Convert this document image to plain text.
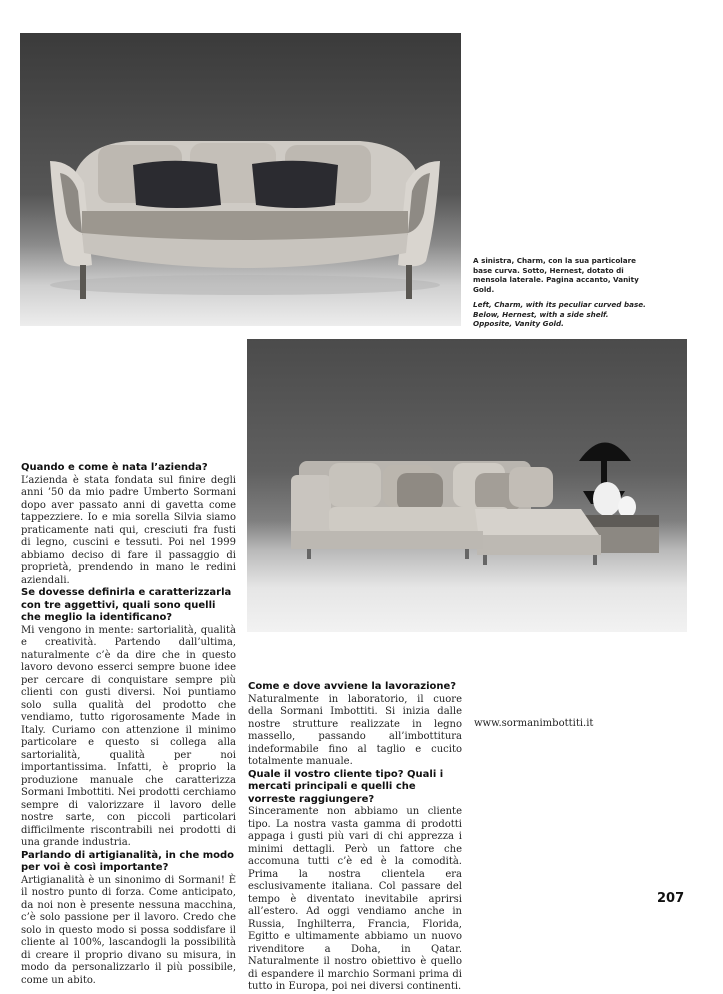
A sinistra, Charm, con la sua particolare base curva. Sotto, Hernest, dotato di mensola laterale. Pagina accanto, Vanity Gold.
Left, Charm, with its peculiar curved base. Below, Hernest, with a side shelf. Opposite, Vanity Gold.

Quando e come è nata l’azienda?

L’azienda è stata fondata sul finire degli anni ’50 da mio padre Umberto Sormani dopo aver passato anni di gavetta come tappezziere. Io e mia sorella Silvia siamo praticamente nati qui, cresciuti fra fusti di legno, cuscini e tessuti. Poi nel 1999 abbiamo deciso di fare il passaggio di proprietà, prendendo in mano le redini aziendali.

Se dovesse definirla e caratterizzarla con tre aggettivi, quali sono quelli che meglio la identificano?

Mi vengono in mente: sartorialità, qualità e creatività. Partendo dall’ultima, naturalmente c’è da dire che in questo lavoro devono esserci sempre buone idee per cercare di conquistare sempre più clienti con gusti diversi. Noi puntiamo solo sulla qualità del prodotto che vendiamo, tutto rigorosamente Made in Italy. Curiamo con attenzione il minimo particolare e questo si collega alla sartorialità, qualità per noi importantissima. Infatti, è proprio la produzione manuale che caratterizza Sormani Imbottiti. Nei prodotti cerchiamo sempre di valorizzare il lavoro delle nostre sarte, con piccoli particolari difficilmente riscontrabili nei prodotti di una grande industria.

Parlando di artigianalità, in che modo per voi è così importante?

Artigianalità è un sinonimo di Sormani! È il nostro punto di forza. Come anticipato, da noi non è presente nessuna macchina, c’è solo passione per il lavoro. Credo che solo in questo modo si possa soddisfare il cliente al 100%, lascandogli la possibilità di creare il proprio divano su misura, in modo da personalizzarlo il più possibile, come un abito.

Come e dove avviene la lavorazione?

Naturalmente in laboratorio, il cuore della Sormani Imbottiti. Si inizia dalle nostre strutture realizzate in legno massello, passando all’imbottitura indeformabile fino al taglio e cucito totalmente manuale.

Quale il vostro cliente tipo? Quali i mercati principali e quelli che vorreste raggiungere?

Sinceramente non abbiamo un cliente tipo. La nostra vasta gamma di prodotti appaga i gusti più vari di chi apprezza i minimi dettagli. Però un fattore che accomuna tutti c’è ed è la comodità. Prima la nostra clientela era esclusivamente italiana. Col passare del tempo è diventato inevitabile aprirsi all’estero. Ad oggi vendiamo anche in Russia, Inghilterra, Francia, Florida, Egitto e ultimamente abbiamo un nuovo rivenditore a Doha, in Qatar. Naturalmente il nostro obiettivo è quello di espandere il marchio Sormani prima di tutto in Europa, poi nei diversi continenti.

www.sormanimbottiti.it

207
